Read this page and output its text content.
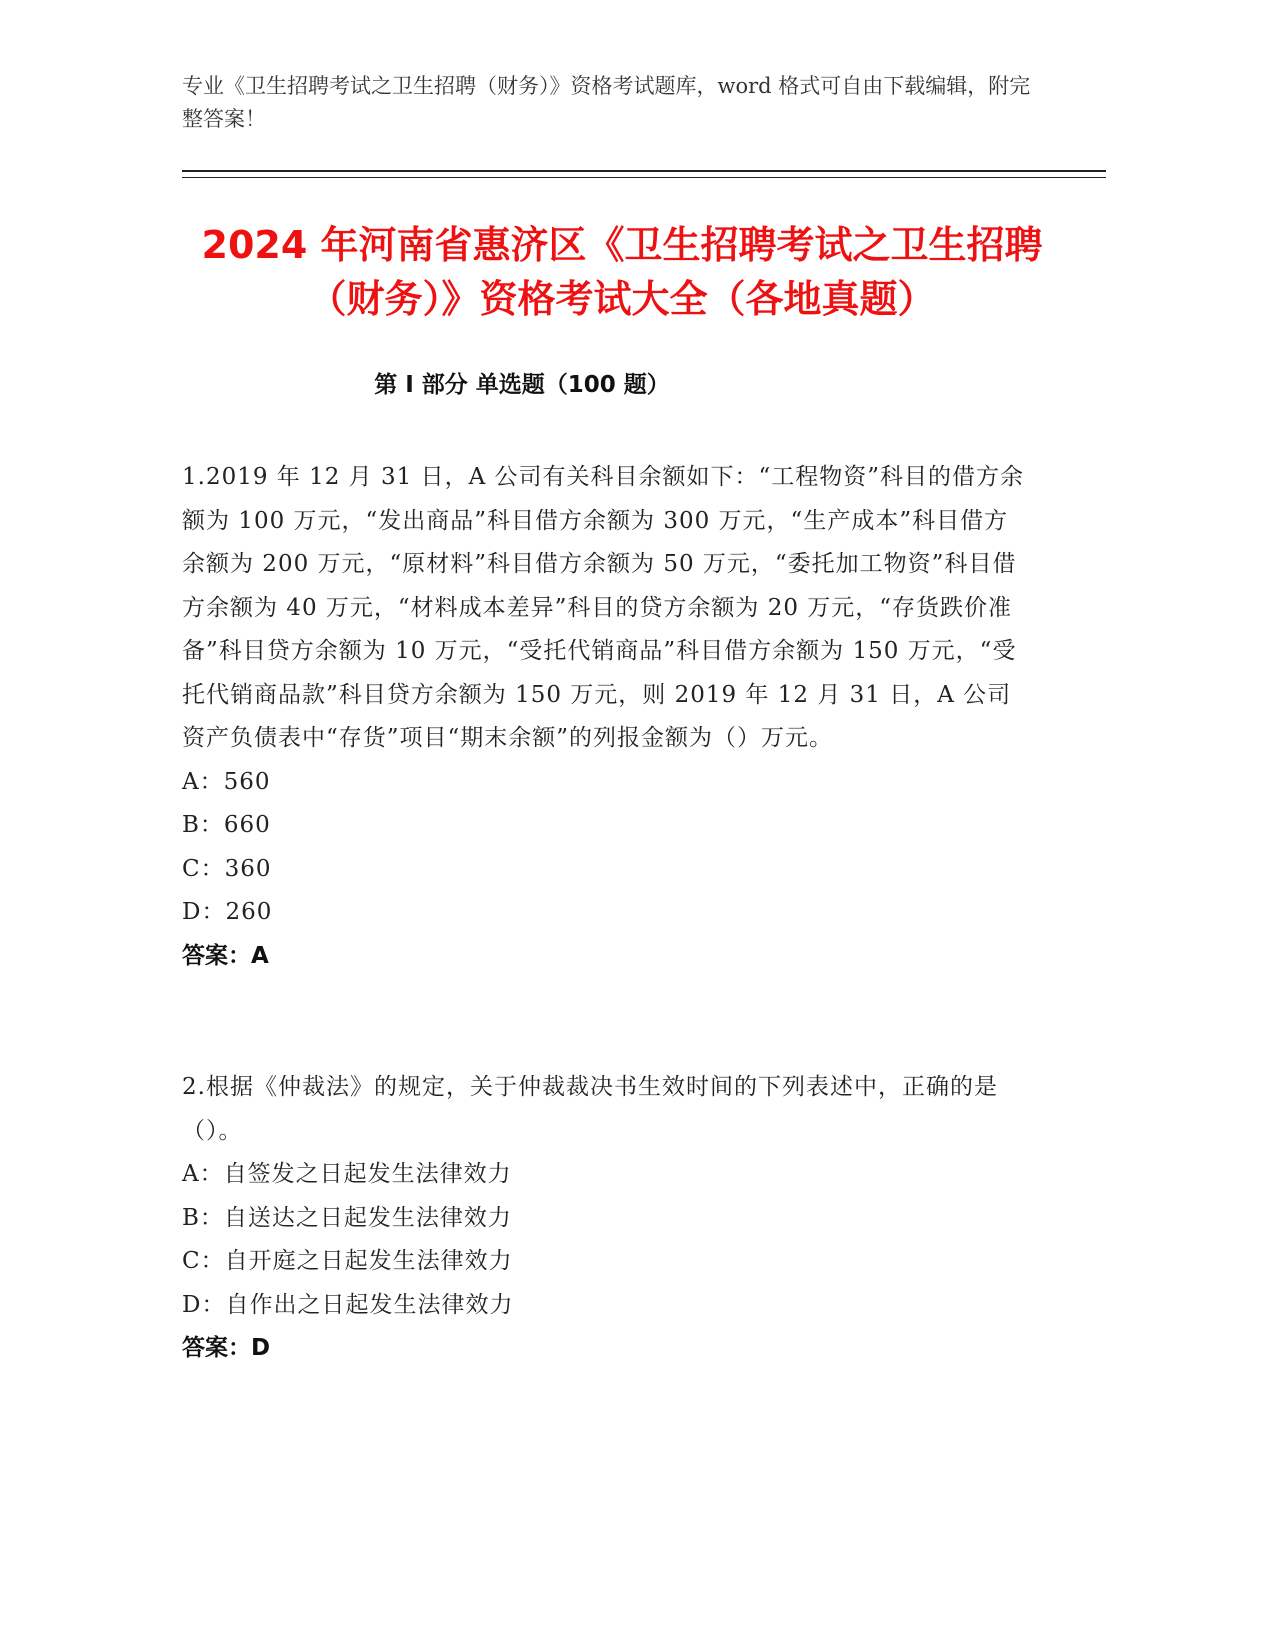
专业《卫生招聘考试之卫生招聘（财务）》资格考试题库，word 格式可自由下载编辑，附完整答案！

2024 年河南省惠济区《卫生招聘考试之卫生招聘（财务）》资格考试大全（各地真题）
第 I 部分 单选题（100 题）

1.2019 年 12 月 31 日，A 公司有关科目余额如下：“工程物资”科目的借方余额为 100 万元，“发出商品”科目借方余额为 300 万元，“生产成本”科目借方余额为 200 万元，“原材料”科目借方余额为 50 万元，“委托加工物资”科目借方余额为 40 万元，“材料成本差异”科目的贷方余额为 20 万元，“存货跌价准备”科目贷方余额为 10 万元，“受托代销商品”科目借方余额为 150 万元，“受托代销商品款”科目贷方余额为 150 万元，则 2019 年 12 月 31 日，A 公司资产负债表中“存货”项目“期末余额”的列报金额为（）万元。

A：560

B：660

C：360

D：260

答案：A

2.根据《仲裁法》的规定，关于仲裁裁决书生效时间的下列表述中，正确的是（）。

A：自签发之日起发生法律效力

B：自送达之日起发生法律效力

C：自开庭之日起发生法律效力

D：自作出之日起发生法律效力

答案：D
